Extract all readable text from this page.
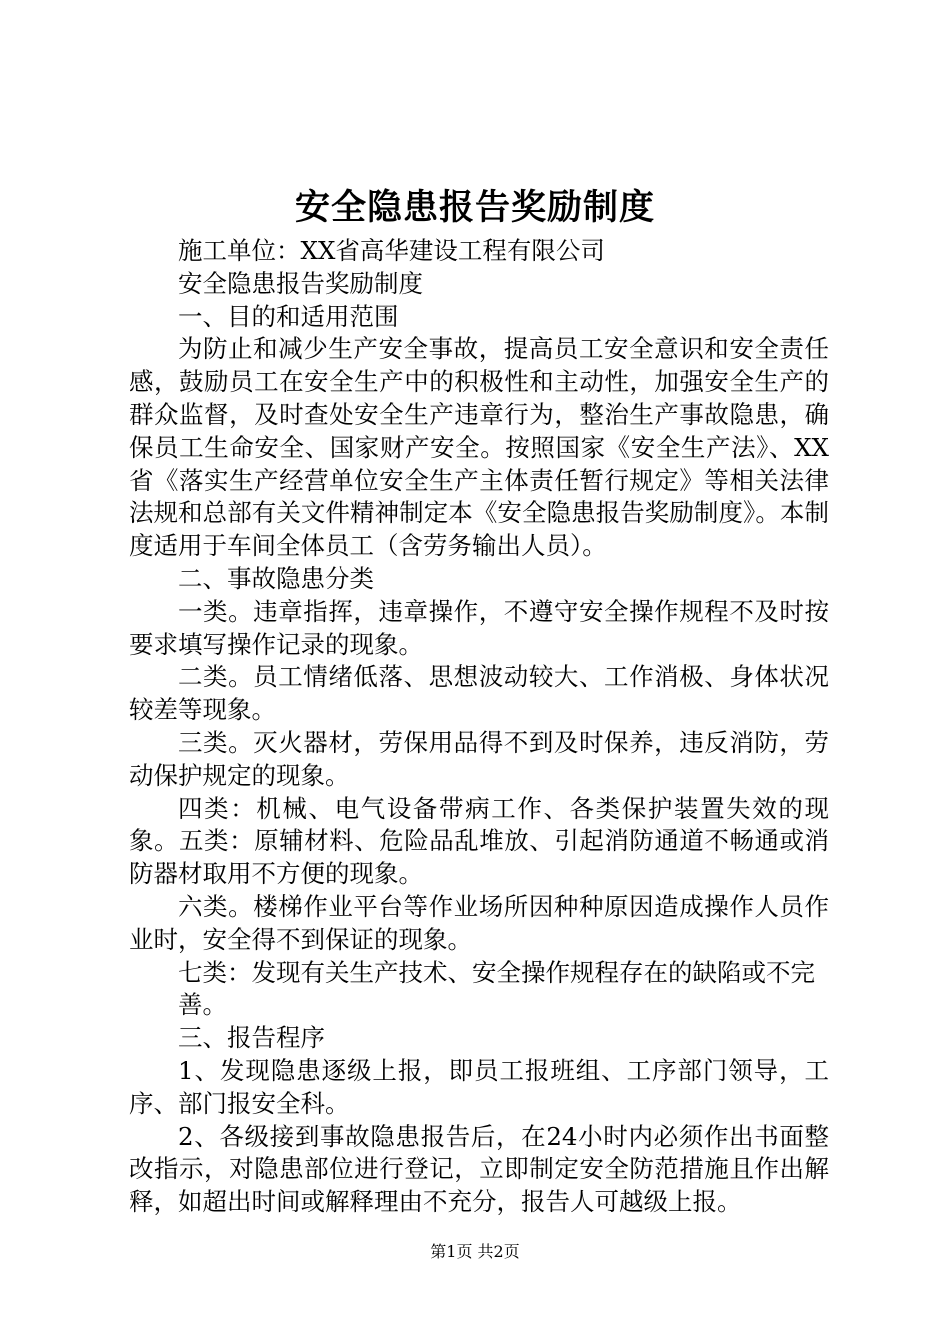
安全隐患报告奖励制度

施工单位：XX省高华建设工程有限公司

安全隐患报告奖励制度

一、目的和适用范围

为防止和减少生产安全事故，提高员工安全意识和安全责任感，鼓励员工在安全生产中的积极性和主动性，加强安全生产的群众监督，及时查处安全生产违章行为，整治生产事故隐患，确保员工生命安全、国家财产安全。按照国家《安全生产法》、XX省《落实生产经营单位安全生产主体责任暂行规定》等相关法律法规和总部有关文件精神制定本《安全隐患报告奖励制度》。本制度适用于车间全体员工（含劳务输出人员）。

二、事故隐患分类

一类。违章指挥，违章操作，不遵守安全操作规程不及时按要求填写操作记录的现象。

二类。员工情绪低落、思想波动较大、工作消极、身体状况较差等现象。

三类。灭火器材，劳保用品得不到及时保养，违反消防，劳动保护规定的现象。

四类：机械、电气设备带病工作、各类保护装置失效的现象。五类：原辅材料、危险品乱堆放、引起消防通道不畅通或消防器材取用不方便的现象。

六类。楼梯作业平台等作业场所因种种原因造成操作人员作业时，安全得不到保证的现象。

七类：发现有关生产技术、安全操作规程存在的缺陷或不完

善。

三、报告程序

1、发现隐患逐级上报，即员工报班组、工序部门领导，工序、部门报安全科。

2、各级接到事故隐患报告后，在24小时内必须作出书面整改指示，对隐患部位进行登记，立即制定安全防范措施且作出解释，如超出时间或解释理由不充分，报告人可越级上报。

第1页 共2页
